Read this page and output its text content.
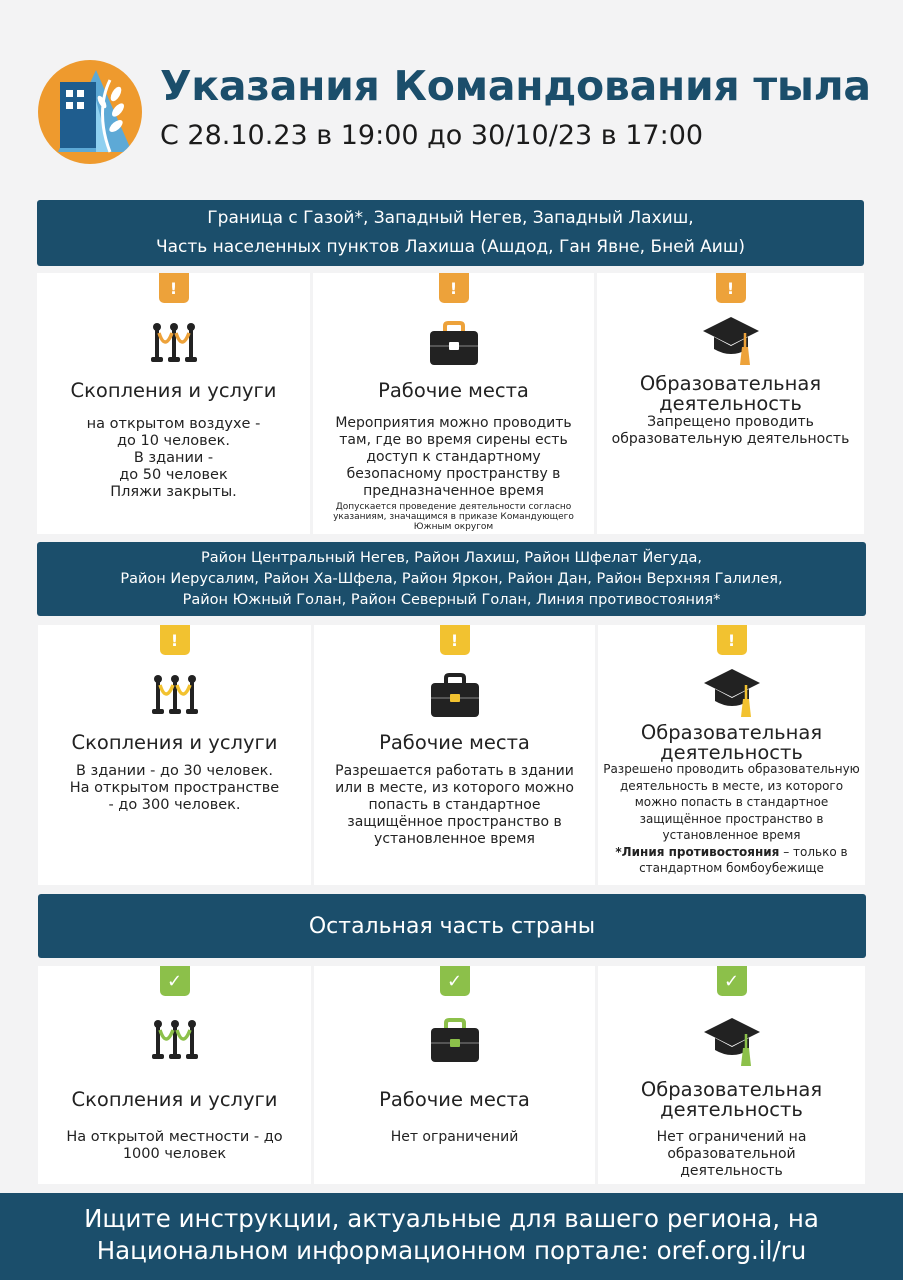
Указания Командования тыла
С 28.10.23 в 19:00 до 30/10/23 в 17:00
Граница с Газой*, Западный Негев, Западный Лахиш,
Часть населенных пунктов Лахиша (Ашдод, Ган Явне, Бней Аиш)
!
Скопления и услуги
на открытом воздухе -
до 10 человек.
В здании -
до 50 человек
Пляжи закрыты.
!
Рабочие места
Мероприятия можно проводить
там, где во время сирены есть
доступ к стандартному
безопасному пространству в
предназначенное время
Допускается проведение деятельности согласно
указаниям, значащимся в приказе Командующего
Южным округом
!
Образовательная
деятельность
Запрещено проводить
образовательную деятельность
Район Центральный Негев, Район Лахиш, Район Шфелат Йегуда,
Район Иерусалим, Район Ха-Шфела, Район Яркон, Район Дан, Район Верхняя Галилея,
Район Южный Голан, Район Северный Голан, Линия противостояния*
!
Скопления и услуги
В здании - до 30 человек.
На открытом пространстве
- до 300 человек.
!
Рабочие места
Разрешается работать в здании
или в месте, из которого можно
попасть в стандартное
защищённое пространство в
установленное время
!
Образовательная
деятельность
Разрешено проводить образовательную
деятельность в месте, из которого
можно попасть в стандартное
защищённое пространство в
установленное время
*Линия противостояния – только в
стандартном бомбоубежище
Остальная часть страны
✓
Скопления и услуги
На открытой местности - до
1000 человек
✓
Рабочие места
Нет ограничений
✓
Образовательная
деятельность
Нет ограничений на
образовательной
деятельность
Ищите инструкции, актуальные для вашего региона, на
Национальном информационном портале: oref.org.il/ru
